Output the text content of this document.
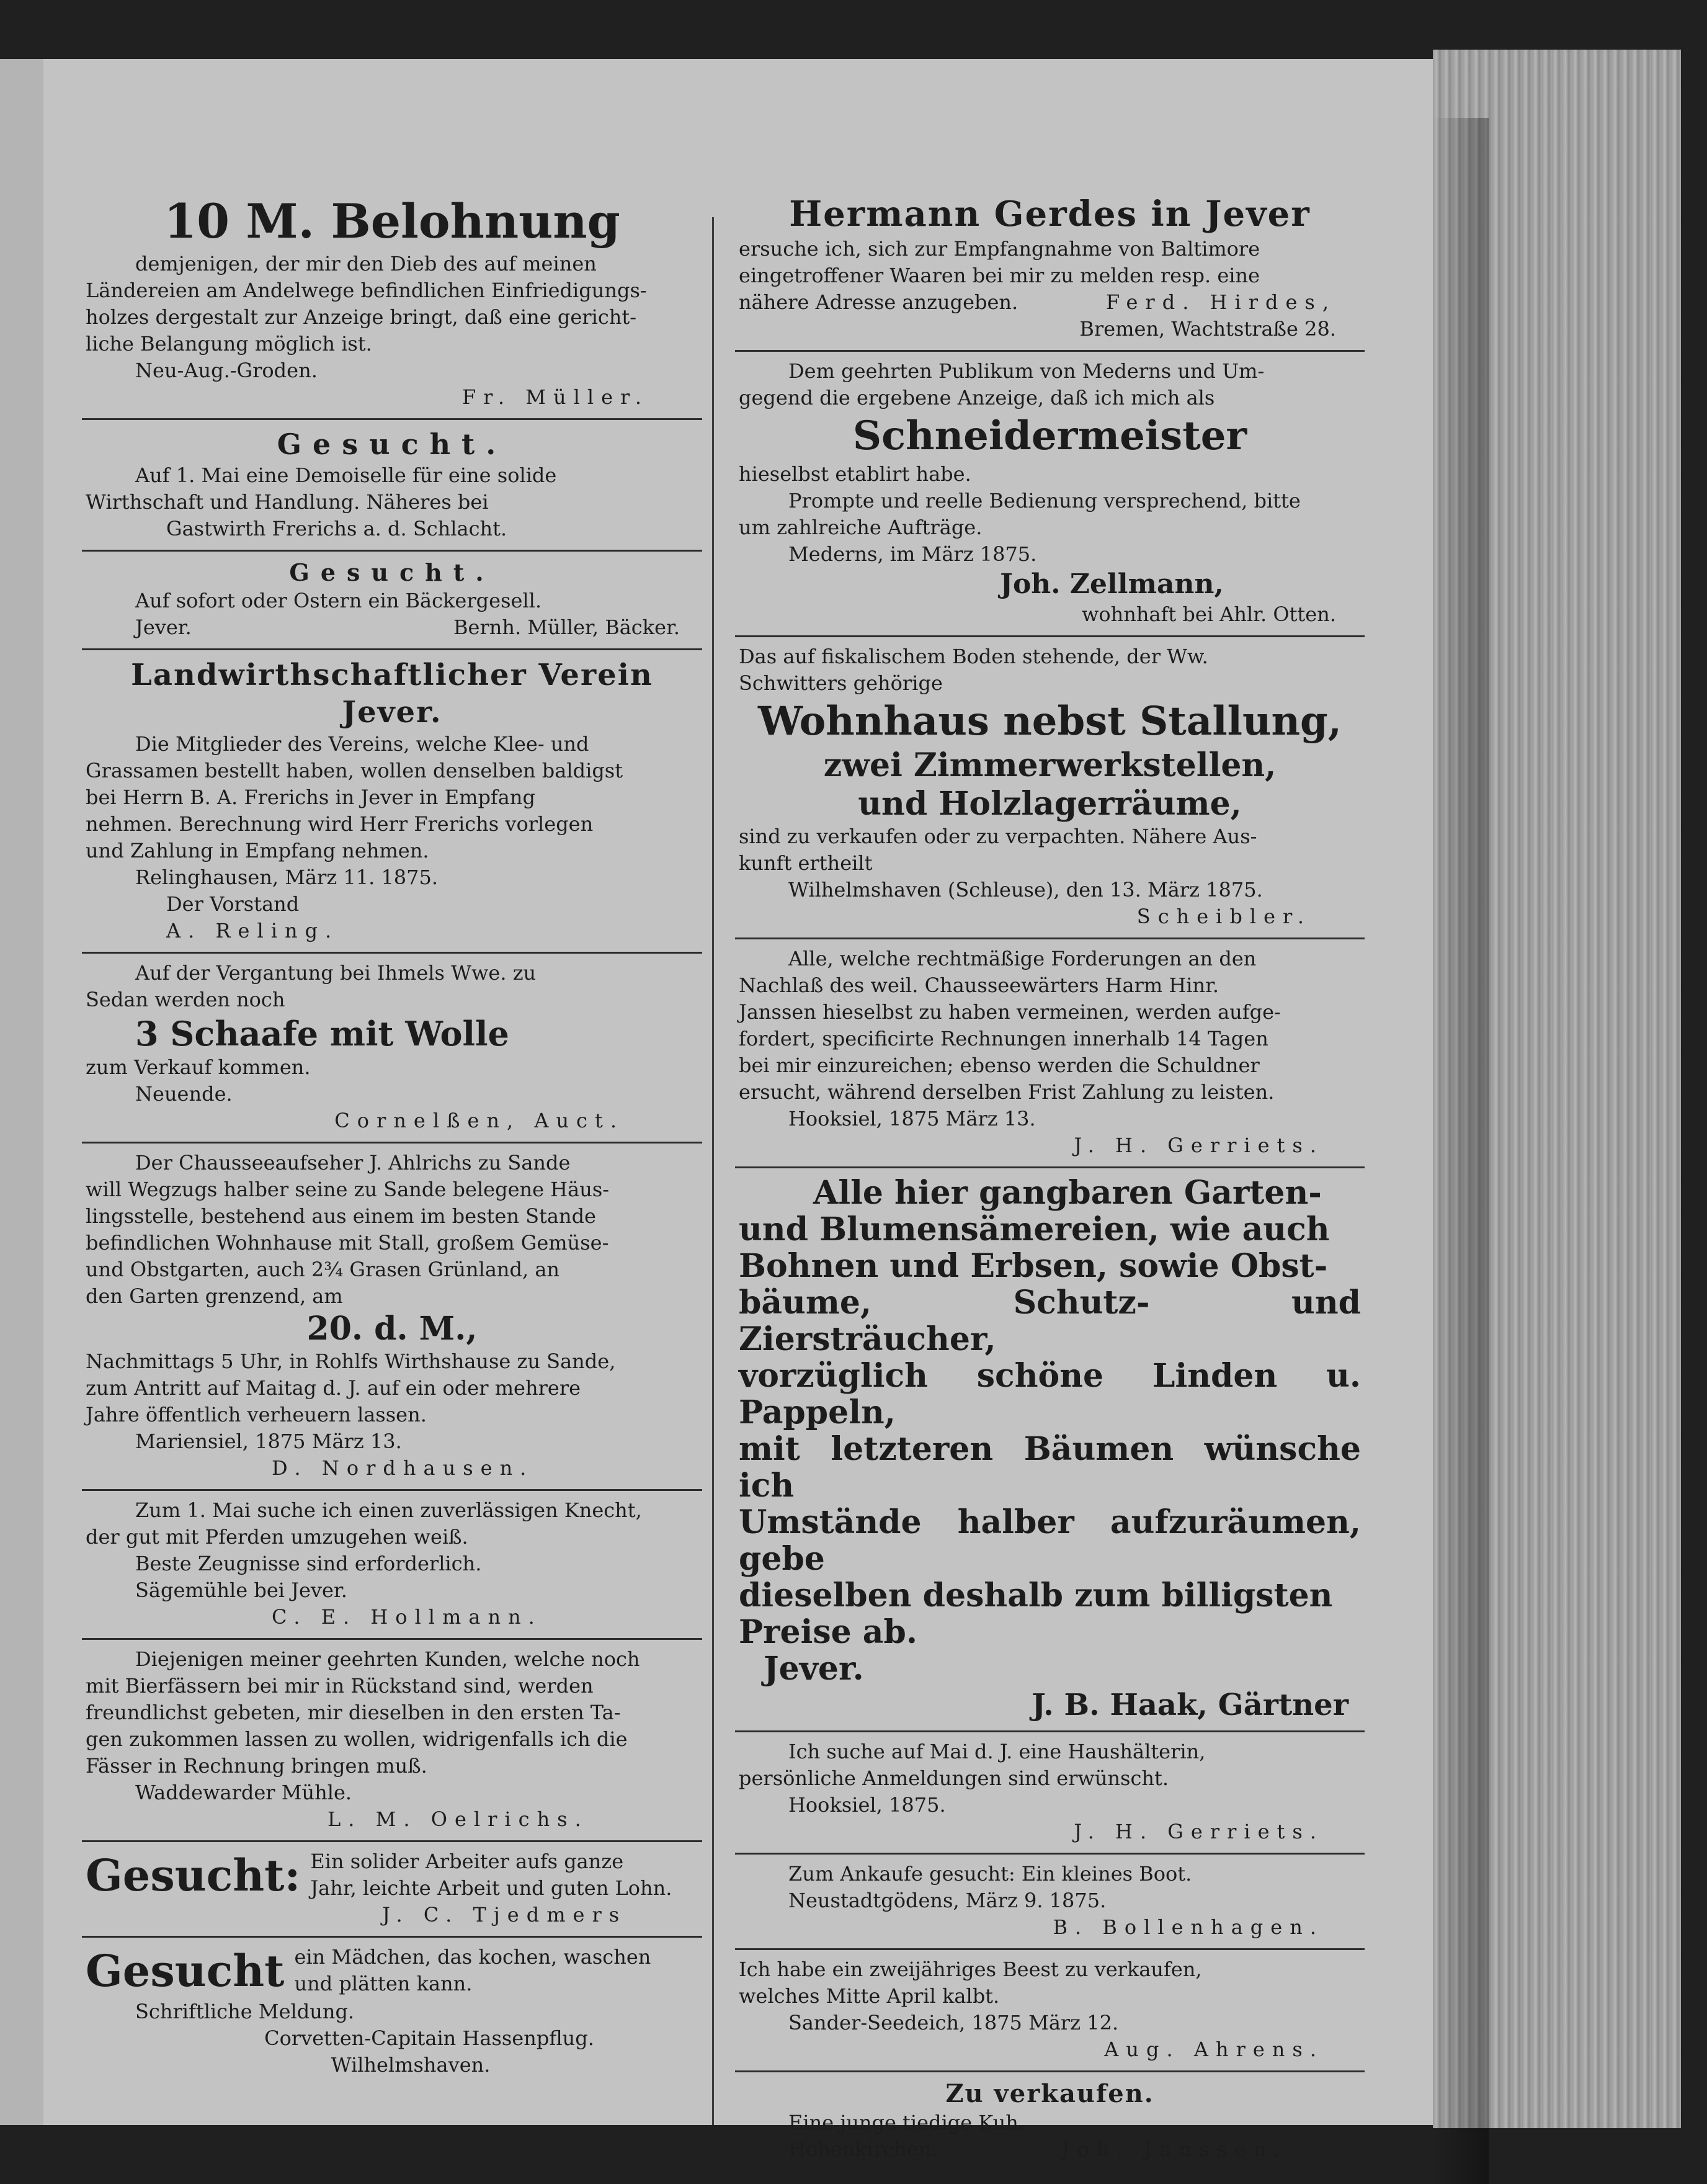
10 M. Belohnung

demjenigen, der mir den Dieb des auf meinen

Ländereien am Andelwege befindlichen Einfriedigungs-

holzes dergestalt zur Anzeige bringt, daß eine gericht-

liche Belangung möglich ist.

Neu-Aug.-Groden.

Fr. Müller.

Gesucht.

Auf 1. Mai eine Demoiselle für eine solide

Wirthschaft und Handlung. Näheres bei

Gastwirth Frerichs a. d. Schlacht.

Gesucht.

Auf sofort oder Ostern ein Bäckergesell.

Jever.	Bernh. Müller, Bäcker.

Landwirthschaftlicher Verein Jever.

Die Mitglieder des Vereins, welche Klee- und

Grassamen bestellt haben, wollen denselben baldigst

bei Herrn B. A. Frerichs in Jever in Empfang

nehmen. Berechnung wird Herr Frerichs vorlegen

und Zahlung in Empfang nehmen.

Relinghausen, März 11. 1875.

Der Vorstand

A. Reling.

Auf der Vergantung bei Ihmels Wwe. zu

Sedan werden noch

3 Schaafe mit Wolle

zum Verkauf kommen.

Neuende.

Cornelßen, Auct.

Der Chausseeaufseher J. Ahlrichs zu Sande

will Wegzugs halber seine zu Sande belegene Häus-

lingsstelle, bestehend aus einem im besten Stande

befindlichen Wohnhause mit Stall, großem Gemüse-

und Obstgarten, auch 2¾ Grasen Grünland, an

den Garten grenzend, am

20. d. M.,

Nachmittags 5 Uhr, in Rohlfs Wirthshause zu Sande,

zum Antritt auf Maitag d. J. auf ein oder mehrere

Jahre öffentlich verheuern lassen.

Mariensiel, 1875 März 13.

D. Nordhausen.

Zum 1. Mai suche ich einen zuverlässigen Knecht,

der gut mit Pferden umzugehen weiß.

Beste Zeugnisse sind erforderlich.

Sägemühle bei Jever.

C. E. Hollmann.

Diejenigen meiner geehrten Kunden, welche noch

mit Bierfässern bei mir in Rückstand sind, werden

freundlichst gebeten, mir dieselben in den ersten Ta-

gen zukommen lassen zu wollen, widrigenfalls ich die

Fässer in Rechnung bringen muß.

Waddewarder Mühle.

L. M. Oelrichs.

Gesucht: Ein solider Arbeiter aufs ganze

Jahr, leichte Arbeit und guten Lohn.

J. C. Tjedmers

Gesucht ein Mädchen, das kochen, waschen

und plätten kann.

Schriftliche Meldung.

Corvetten-Capitain Hassenpflug.

Wilhelmshaven.

Hermann Gerdes in Jever

ersuche ich, sich zur Empfangnahme von Baltimore

eingetroffener Waaren bei mir zu melden resp. eine

nähere Adresse anzugeben.	Ferd. Hirdes,

Bremen, Wachtstraße 28.

Dem geehrten Publikum von Mederns und Um-

gegend die ergebene Anzeige, daß ich mich als

Schneidermeister

hieselbst etablirt habe.

Prompte und reelle Bedienung versprechend, bitte

um zahlreiche Aufträge.

Mederns, im März 1875.

Joh. Zellmann,

wohnhaft bei Ahlr. Otten.

Das auf fiskalischem Boden stehende, der Ww.

Schwitters gehörige

Wohnhaus nebst Stallung,
zwei Zimmerwerkstellen,
und Holzlagerräume,

sind zu verkaufen oder zu verpachten. Nähere Aus-

kunft ertheilt

Wilhelmshaven (Schleuse), den 13. März 1875.

Scheibler.

Alle, welche rechtmäßige Forderungen an den

Nachlaß des weil. Chausseewärters Harm Hinr.

Janssen hieselbst zu haben vermeinen, werden aufge-

fordert, specificirte Rechnungen innerhalb 14 Tagen

bei mir einzureichen; ebenso werden die Schuldner

ersucht, während derselben Frist Zahlung zu leisten.

Hooksiel, 1875 März 13.

J. H. Gerriets.

Alle hier gangbaren Garten-
und Blumensämereien, wie auch
Bohnen und Erbsen, sowie Obst-
bäume, Schutz- und Ziersträucher,
vorzüglich schöne Linden u. Pappeln,
mit letzteren Bäumen wünsche ich
Umstände halber aufzuräumen, gebe
dieselben deshalb zum billigsten
Preise ab.
Jever.
J. B. Haak, Gärtner

Ich suche auf Mai d. J. eine Haushälterin,

persönliche Anmeldungen sind erwünscht.

Hooksiel, 1875.

J. H. Gerriets.

Zum Ankaufe gesucht: Ein kleines Boot.

Neustadtgödens, März 9. 1875.

B. Bollenhagen.

Ich habe ein zweijähriges Beest zu verkaufen,

welches Mitte April kalbt.

Sander-Seedeich, 1875 März 12.

Aug. Ahrens.

Zu verkaufen.

Eine junge tiedige Kuh.

Hohenkirchen.	Joh. Janssen.
